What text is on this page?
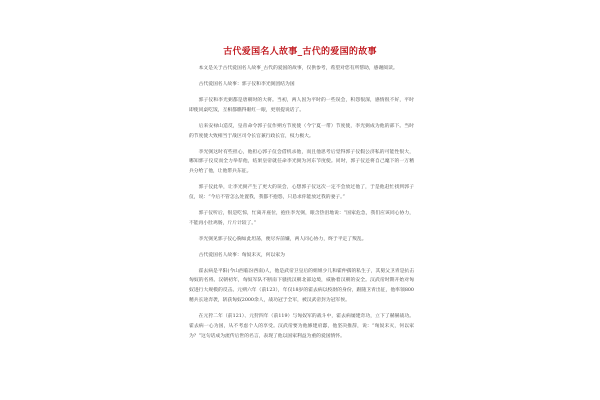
古代爱国名人故事_古代的爱国的故事

本文是关于古代爱国名人故事_古代的爱国的故事，仅供参考，希望对您有所帮助，感谢阅读。

古代爱国名人故事：郭子仪和李光弼团结为国

郭子仪和李光弼都是唐朝时的大将。当初，两人因为平时的一些误会，积怨很深，感情很不好，平时即使同桌吃饭，互相都瞧得眼红一眼，更别提说话了。

后来安禄山造反，皇帝命令郭子仪作朔方节度使（今宁夏一带）节度使，李光弼成为他的部下。当时的节度使大致相当于战区司令长官兼行政长官，权力极大。

李光弼这时有些担心，他担心郭子仪会借机杀他，而且他思考后觉得郭子仪假公济私的可能性很大，哪知郭子仪反而全力举荐他，结果皇帝就任命李光弼为河东节度使。同时，郭子仪还将自己麾下的一万精兵分给了他，让他带兵东征。

郭子仪此举，让李光弼产生了更大的误会，心想郭子仪这次一定不会放过他了，于是他赶忙找到郭子仪，说：“今后不管怎么处置我，我都不抱怨，只恳求你能放过我的妻子。”

郭子仪听后，很是吃惊，忙离开座位，抱住李光弼，眼含热泪地说：“国家危急，我们应该同心协力，不能再小肚鸡肠，斤斤计较了。”

李光弼见郭子仪心胸如此坦荡，便尽弃前嫌，两人同心协力，终于平定了叛乱。

古代爱国名人故事：匈奴未灭，何以家为

霍去病是平阳(今山西临汾西南)人，他是武帝卫皇后的姐姐少儿和霍仲孺的私生子，其舅父卫青是抗击匈奴的名将。汉朝初年，匈奴军队不断南下骚扰汉朝北部边境，威胁着汉朝的安全。汉武帝时期开始对匈奴进行大规模的反击。元朔六年（前123），年仅18岁的霍去病以校尉的身份，跟随卫青出征，他率领800精兵长途奔袭，斩获匈奴2000余人，战功冠于全军，被汉武帝封为冠军侯。

在元狩二年（前121）、元狩四年（前119）与匈奴军的战斗中，霍去病屡建奇功，立下了赫赫战功。霍去病一心为国，从不考虑个人的享受。汉武帝要为他修建府邸，他坚决推辞，说：“匈奴未灭，何以家为？”这句话成为流传后世的名言，表现了他以国家利益为重的爱国情怀。
